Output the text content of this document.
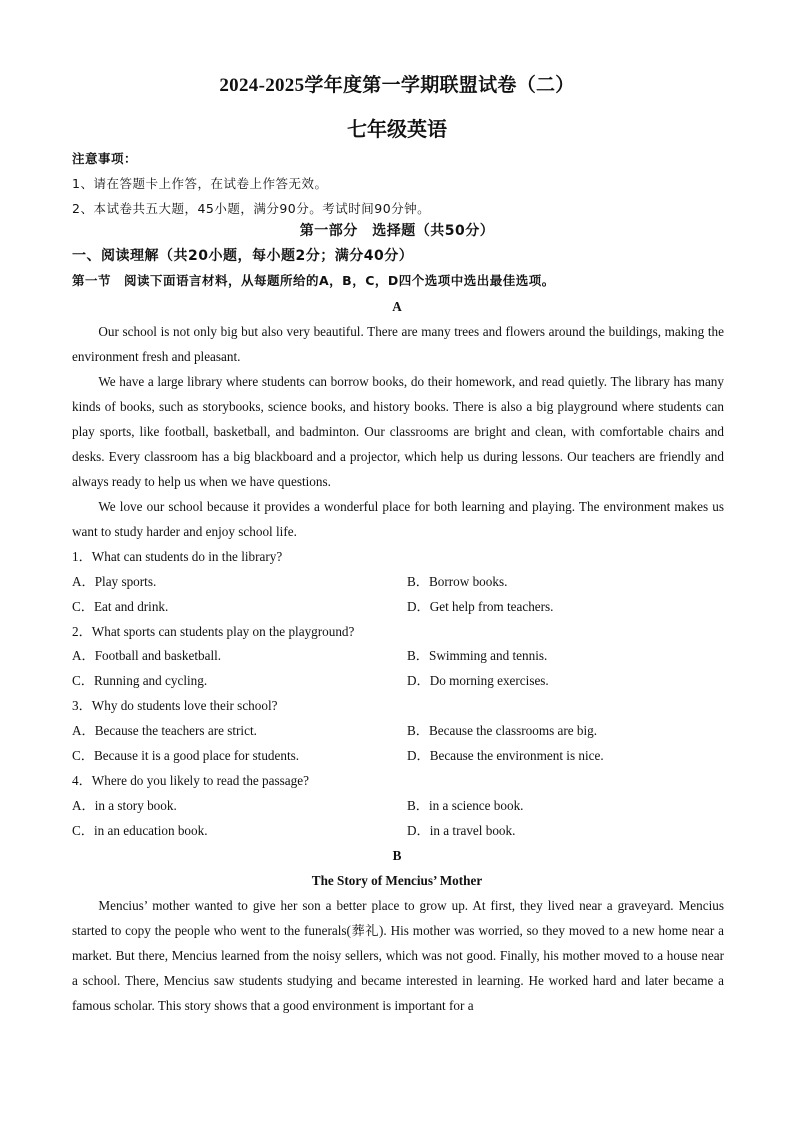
2024-2025学年度第一学期联盟试卷（二）
七年级英语
注意事项：
1、请在答题卡上作答，在试卷上作答无效。
2、本试卷共五大题，45小题，满分90分。考试时间90分钟。
第一部分　选择题（共50分）
一、阅读理解（共20小题，每小题2分；满分40分）
第一节　阅读下面语言材料，从每题所给的A，B，C，D四个选项中选出最佳选项。
A

Our school is not only big but also very beautiful. There are many trees and flowers around the buildings, making the environment fresh and pleasant.

We have a large library where students can borrow books, do their homework, and read quietly. The library has many kinds of books, such as storybooks, science books, and history books. There is also a big playground where students can play sports, like football, basketball, and badminton. Our classrooms are bright and clean, with comfortable chairs and desks. Every classroom has a big blackboard and a projector, which help us during lessons. Our teachers are friendly and always ready to help us when we have questions.

We love our school because it provides a wonderful place for both learning and playing. The environment makes us want to study harder and enjoy school life.

1．What can students do in the library?
A．Play sports.	B．Borrow books.
C．Eat and drink.	D．Get help from teachers.
2．What sports can students play on the playground?
A．Football and basketball.	B．Swimming and tennis.
C．Running and cycling.	D．Do morning exercises.
3．Why do students love their school?
A．Because the teachers are strict.	B．Because the classrooms are big.
C．Because it is a good place for students.	D．Because the environment is nice.
4．Where do you likely to read the passage?
A．in a story book.	B．in a science book.
C．in an education book.	D．in a travel book.
B
The Story of Mencius’ Mother

Mencius’ mother wanted to give her son a better place to grow up. At first, they lived near a graveyard. Mencius started to copy the people who went to the funerals(葬礼). His mother was worried, so they moved to a new home near a market. But there, Mencius learned from the noisy sellers, which was not good. Finally, his mother moved to a house near a school. There, Mencius saw students studying and became interested in learning. He worked hard and later became a famous scholar. This story shows that a good environment is important for a
